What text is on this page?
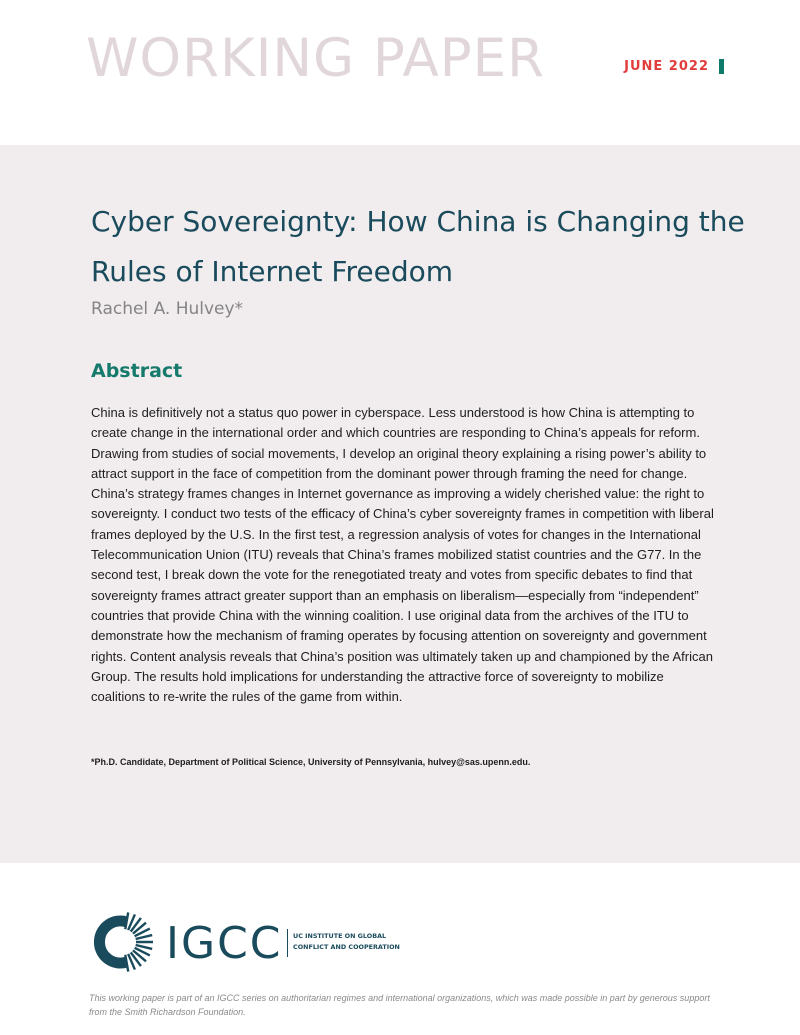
WORKING PAPER	JUNE 2022
Cyber Sovereignty: How China is Changing the Rules of Internet Freedom
Rachel A. Hulvey*
Abstract

China is definitively not a status quo power in cyberspace. Less understood is how China is attempting to create change in the international order and which countries are responding to China’s appeals for reform. Drawing from studies of social movements, I develop an original theory explaining a rising power’s ability to attract support in the face of competition from the dominant power through framing the need for change. China’s strategy frames changes in Internet governance as improving a widely cherished value: the right to sovereignty. I conduct two tests of the efficacy of China’s cyber sovereignty frames in competition with liberal frames deployed by the U.S. In the first test, a regression analysis of votes for changes in the International Telecommunication Union (ITU) reveals that China’s frames mobilized statist countries and the G77. In the second test, I break down the vote for the renegotiated treaty and votes from specific debates to find that sovereignty frames attract greater support than an emphasis on liberalism—especially from “independent” countries that provide China with the winning coalition. I use original data from the archives of the ITU to demonstrate how the mechanism of framing operates by focusing attention on sovereignty and government rights. Content analysis reveals that China’s position was ultimately taken up and championed by the African Group. The results hold implications for understanding the attractive force of sovereignty to mobilize coalitions to re-write the rules of the game from within.

*Ph.D. Candidate, Department of Political Science, University of Pennsylvania, hulvey@sas.upenn.edu.
IGCC UC INSTITUTE ON GLOBAL
CONFLICT AND COOPERATION

This working paper is part of an IGCC series on authoritarian regimes and international organizations, which was made possible in part by generous support from the Smith Richardson Foundation.
